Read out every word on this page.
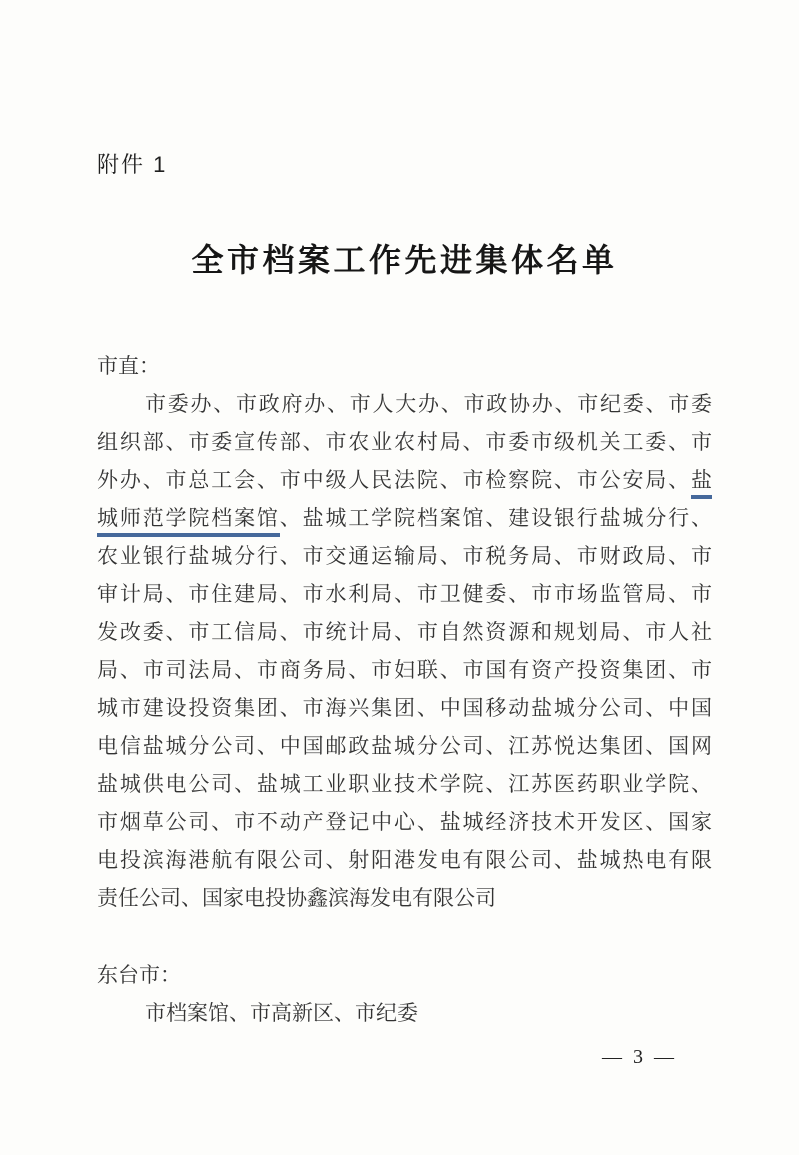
附件 1
全市档案工作先进集体名单
市直：
市委办、市政府办、市人大办、市政协办、市纪委、市委
组织部、市委宣传部、市农业农村局、市委市级机关工委、市
外办、市总工会、市中级人民法院、市检察院、市公安局、盐
城师范学院档案馆、盐城工学院档案馆、建设银行盐城分行、
农业银行盐城分行、市交通运输局、市税务局、市财政局、市
审计局、市住建局、市水利局、市卫健委、市市场监管局、市
发改委、市工信局、市统计局、市自然资源和规划局、市人社
局、市司法局、市商务局、市妇联、市国有资产投资集团、市
城市建设投资集团、市海兴集团、中国移动盐城分公司、中国
电信盐城分公司、中国邮政盐城分公司、江苏悦达集团、国网
盐城供电公司、盐城工业职业技术学院、江苏医药职业学院、
市烟草公司、市不动产登记中心、盐城经济技术开发区、国家
电投滨海港航有限公司、射阳港发电有限公司、盐城热电有限
责任公司、国家电投协鑫滨海发电有限公司
东台市：
市档案馆、市高新区、市纪委
— 3 —
